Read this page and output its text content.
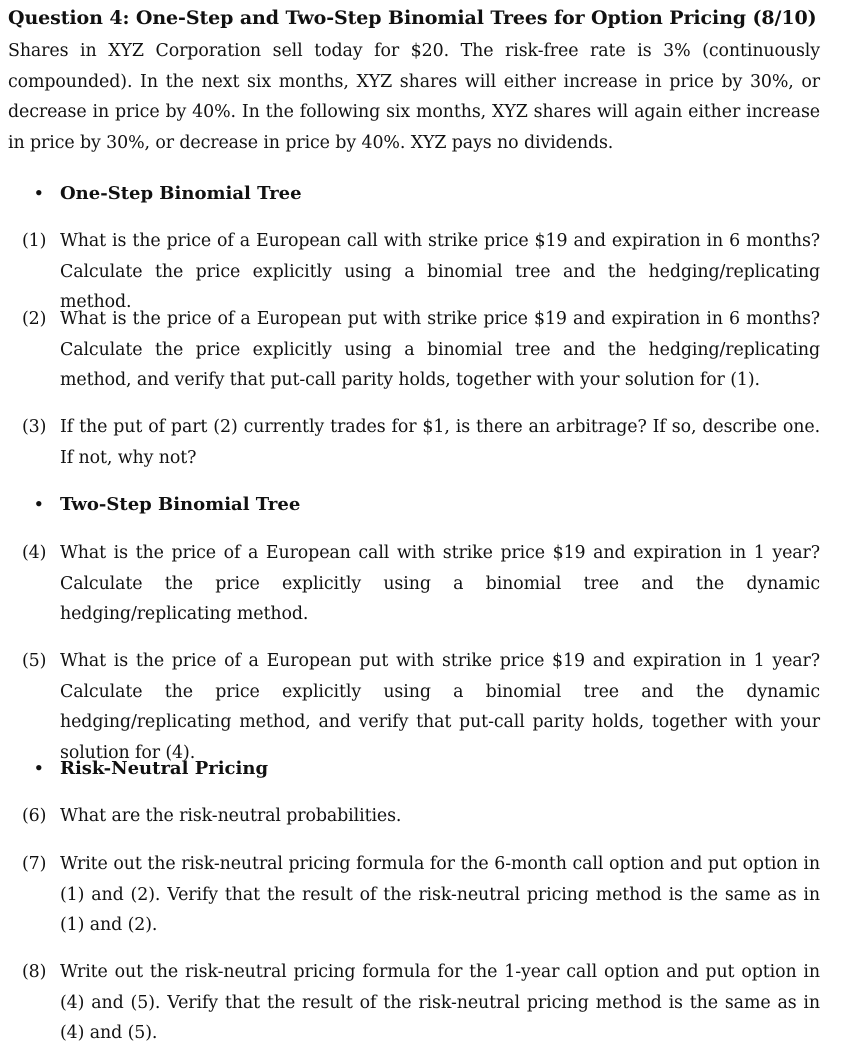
Question 4: One-Step and Two-Step Binomial Trees for Option Pricing (8/10)
Shares in XYZ Corporation sell today for $20. The risk-free rate is 3% (continuously compounded). In the next six months, XYZ shares will either increase in price by 30%, or decrease in price by 40%. In the following six months, XYZ shares will again either increase in price by 30%, or decrease in price by 40%. XYZ pays no dividends.
• One-Step Binomial Tree
(1) What is the price of a European call with strike price $19 and expiration in 6 months? Calculate the price explicitly using a binomial tree and the hedging/replicating method.
(2) What is the price of a European put with strike price $19 and expiration in 6 months? Calculate the price explicitly using a binomial tree and the hedging/replicating method, and verify that put-call parity holds, together with your solution for (1).
(3) If the put of part (2) currently trades for $1, is there an arbitrage? If so, describe one. If not, why not?
• Two-Step Binomial Tree
(4) What is the price of a European call with strike price $19 and expiration in 1 year? Calculate the price explicitly using a binomial tree and the dynamic hedging/replicating method.
(5) What is the price of a European put with strike price $19 and expiration in 1 year? Calculate the price explicitly using a binomial tree and the dynamic hedging/replicating method, and verify that put-call parity holds, together with your solution for (4).
• Risk-Neutral Pricing
(6) What are the risk-neutral probabilities.
(7) Write out the risk-neutral pricing formula for the 6-month call option and put option in (1) and (2). Verify that the result of the risk-neutral pricing method is the same as in (1) and (2).
(8) Write out the risk-neutral pricing formula for the 1-year call option and put option in (4) and (5). Verify that the result of the risk-neutral pricing method is the same as in (4) and (5).
